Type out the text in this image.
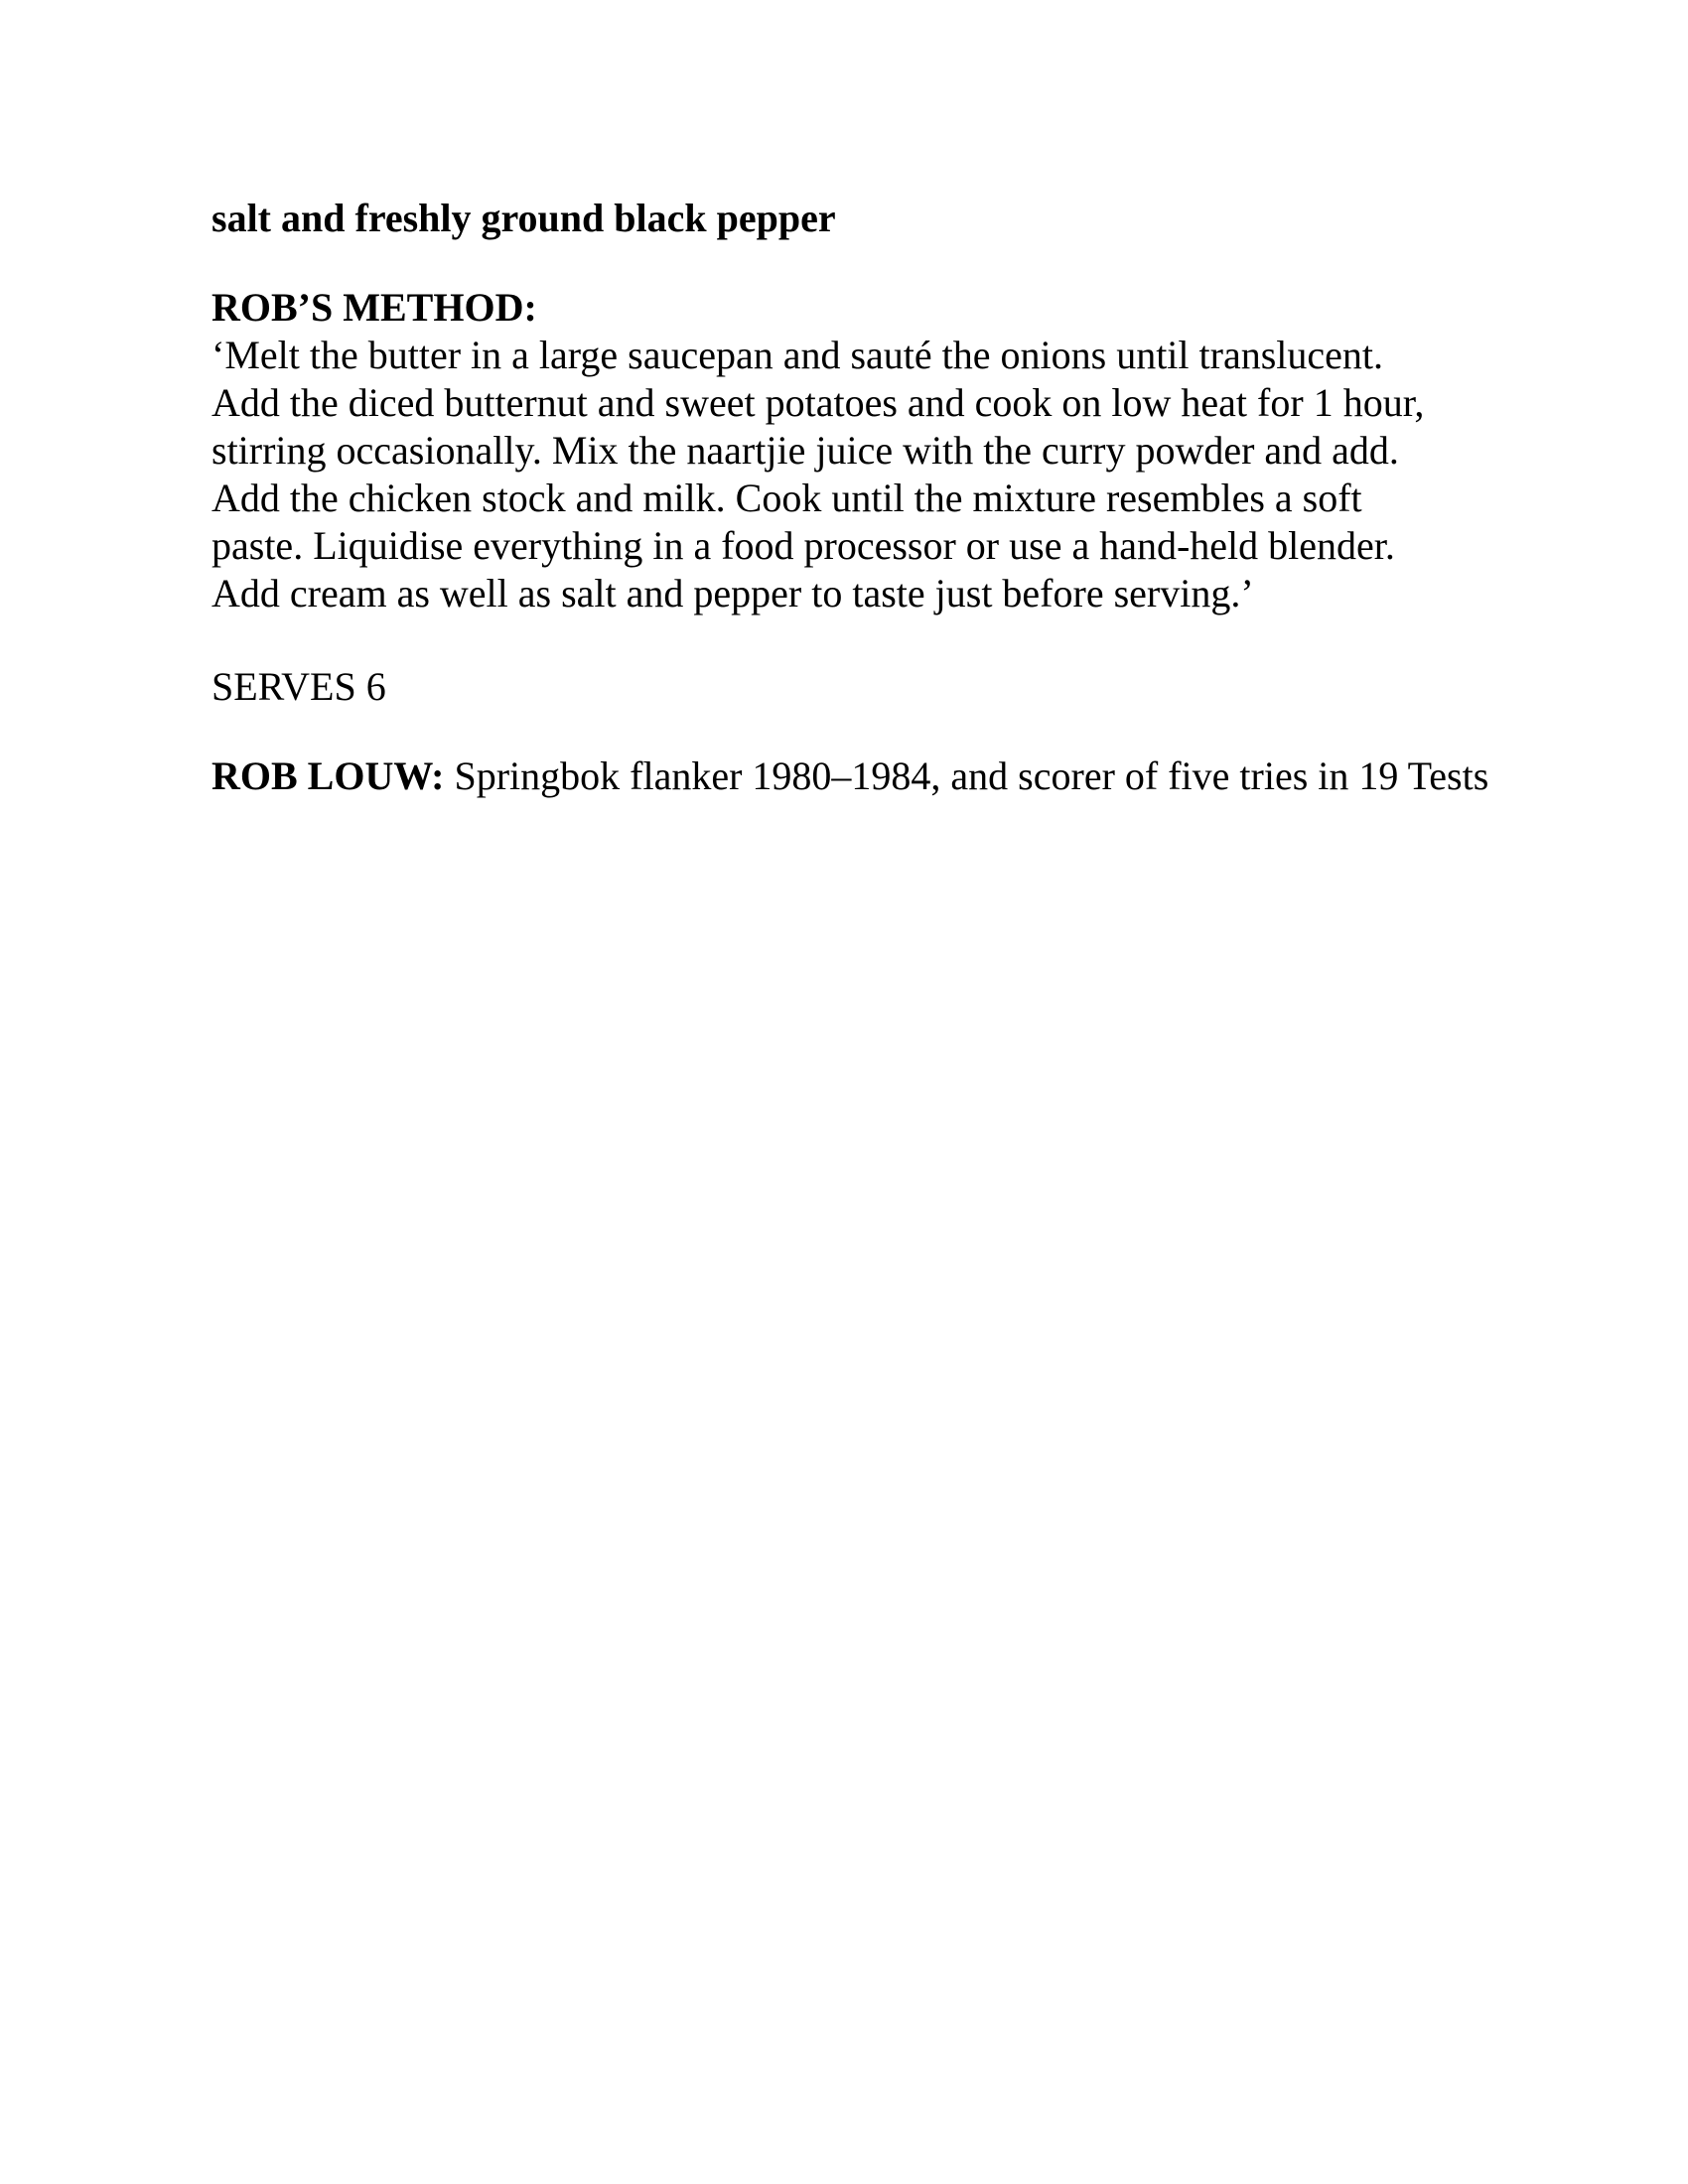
salt and freshly ground black pepper

ROB’S METHOD:

‘Melt the butter in a large saucepan and sauté the onions until translucent.

Add the diced butternut and sweet potatoes and cook on low heat for 1 hour,

stirring occasionally. Mix the naartjie juice with the curry powder and add.

Add the chicken stock and milk. Cook until the mixture resembles a soft

paste. Liquidise everything in a food processor or use a hand-held blender.

Add cream as well as salt and pepper to taste just before serving.’

SERVES 6

ROB LOUW: Springbok flanker 1980–1984, and scorer of five tries in 19 Tests
